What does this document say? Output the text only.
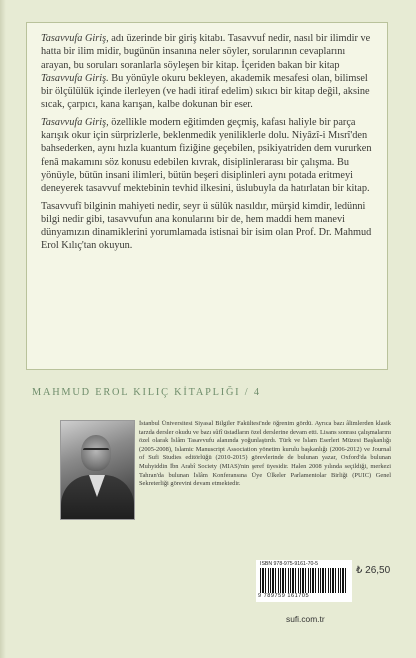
Tasavvufa Giriş, adı üzerinde bir giriş kitabı. Tasavvuf nedir, nasıl bir ilimdir ve hatta bir ilim midir, bugünün insanına neler söyler, sorularının cevaplarını arayan, bu soruları soranlarla söyleşen bir kitap. İçeriden bakan bir kitap Tasavvufa Giriş. Bu yönüyle okuru bekleyen, akademik mesafesi olan, bilimsel bir ölçülülük içinde ilerleyen (ve hadi itiraf edelim) sıkıcı bir kitap değil, aksine sıcak, çarpıcı, kana karışan, kalbe dokunan bir eser.

Tasavvufa Giriş, özellikle modern eğitimden geçmiş, kafası haliyle bir parça karışık okur için sürprizlerle, beklenmedik yeniliklerle dolu. Niyâzî-i Mısrî'den bahsederken, aynı hızla kuantum fiziğine geçebilen, psikiyatriden dem vururken fenâ makamını söz konusu edebilen kıvrak, disiplinlerarası bir çalışma. Bu yönüyle, bütün insani ilimleri, bütün beşeri disiplinleri aynı potada eritmeyi deneyerek tasavvuf mektebinin tevhid ilkesini, üslubuyla da hatırlatan bir kitap.

Tasavvufî bilginin mahiyeti nedir, seyr ü sülûk nasıldır, mürşid kimdir, ledünni bilgi nedir gibi, tasavvufun ana konularını bir de, hem maddi hem manevi dünyamızın dinamiklerini yorumlamada istisnai bir isim olan Prof. Dr. Mahmud Erol Kılıç'tan okuyun.

MAHMUD EROL KILIÇ KİTAPLIĞI / 4
İstanbul Üniversitesi Siyasal Bilgiler Fakültesi'nde öğrenim gördü. Ayrıca bazı âlimlerden klasik tarzda dersler okudu ve bazı sûfî üstadların özel derslerine devam etti. Lisans sonrası çalışmalarını özel olarak İslâm Tasavvufu alanında yoğunlaştırdı. Türk ve İslam Eserleri Müzesi Başkanlığı (2005-2008), Islamic Manuscript Association yönetim kurulu başkanlığı (2006-2012) ve Journal of Sufi Studies editörlüğü (2010-2015) görevlerinde de bulunan yazar, Oxford'da bulunan Muhyiddin İbn Arabî Society (MIAS)'nin şeref üyesidir. Halen 2008 yılında seçildiği, merkezi Tahran'da bulunan İslâm Konferansına Üye Ülkeler Parlamentolar Birliği (PUIC) Genel Sekreterliği görevini devam etmektedir.
ISBN 978-975-9161-70-5
9 789759 161705
₺ 26,50
sufi.com.tr
